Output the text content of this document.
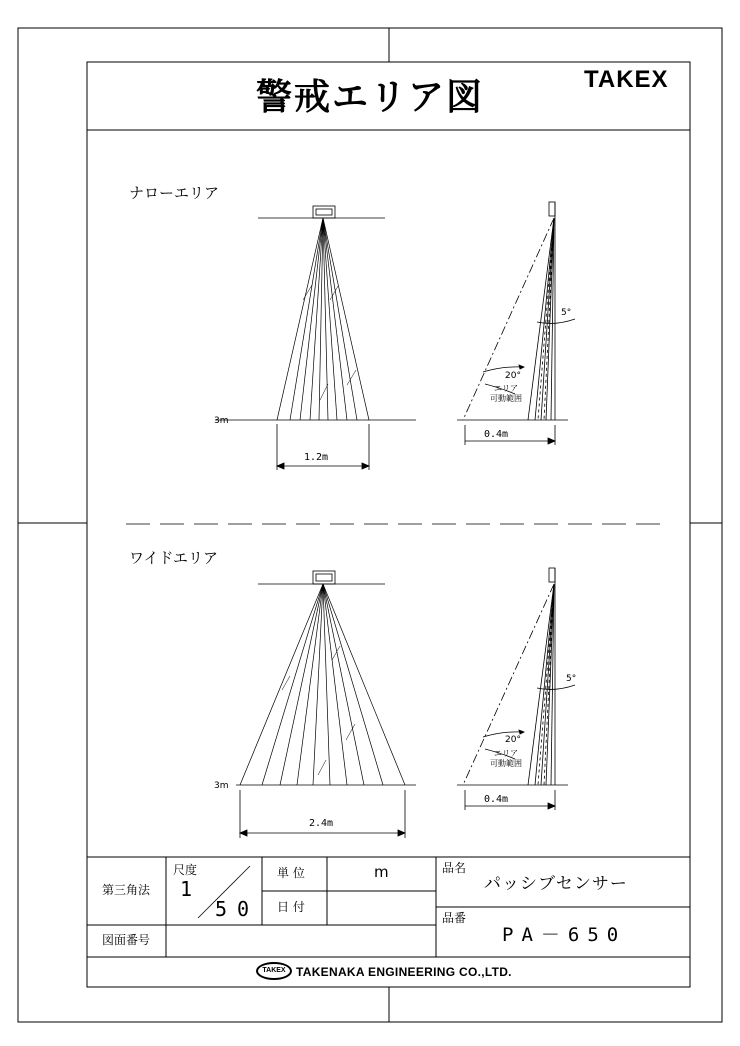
警戒エリア図	TAKEX
ナローエリア
3m
1.2m
0.4m
5°
20°
エリア
可動範囲
ワイドエリア
3m
2.4m
0.4m
5°
20°
エリア
可動範囲
第三角法
尺度
1
50
単 位	m
日 付
品名
パッシブセンサー
品番
PA－650
図面番号
TAKEX TAKENAKA ENGINEERING CO.,LTD.
